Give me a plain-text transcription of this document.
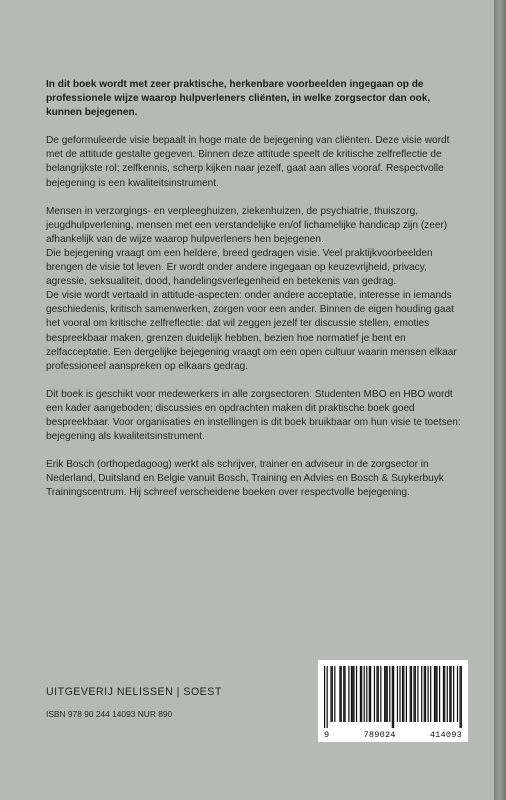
In dit boek wordt met zeer praktische, herkenbare voorbeelden ingegaan op de professionele wijze waarop hulpverleners cliënten, in welke zorgsector dan ook, kunnen bejegenen.

De geformuleerde visie bepaalt in hoge mate de bejegening van cliënten. Deze visie wordt met de attitude gestalte gegeven. Binnen deze attitude speelt de kritische zelfreflectie de belangrijkste rol; zelfkennis, scherp kijken naar jezelf, gaat aan alles vooraf. Respectvolle bejegening is een kwaliteitsinstrument.

Mensen in verzorgings- en verpleeghuizen, ziekenhuizen, de psychiatrie, thuiszorg, jeugdhulpverlening, mensen met een verstandelijke en/of lichamelijke handicap zijn (zeer) afhankelijk van de wijze waarop hulpverleners hen bejegenen.

Die bejegening vraagt om een heldere, breed gedragen visie. Veel praktijkvoorbeelden brengen de visie tot leven. Er wordt onder andere ingegaan op keuzevrijheid, privacy, agressie, seksualiteit, dood, handelingsverlegenheid en betekenis van gedrag.

De visie wordt vertaald in attitude-aspecten: onder andere acceptatie, interesse in iemands geschiedenis, kritisch samenwerken, zorgen voor een ander. Binnen de eigen houding gaat het vooral om kritische zelfreflectie: dat wil zeggen jezelf ter discussie stellen, emoties bespreekbaar maken, grenzen duidelijk hebben, bezien hoe normatief je bent en zelfacceptatie. Een dergelijke bejegening vraagt om een open cultuur waarin mensen elkaar professioneel aanspreken op elkaars gedrag.

Dit boek is geschikt voor medewerkers in alle zorgsectoren. Studenten MBO en HBO wordt een kader aangeboden; discussies en opdrachten maken dit praktische boek goed bespreekbaar. Voor organisaties en instellingen is dit boek bruikbaar om hun visie te toetsen: bejegening als kwaliteitsinstrument.

Erik Bosch (orthopedagoog) werkt als schrijver, trainer en adviseur in de zorgsector in Nederland, Duitsland en Belgie vanuit Bosch, Training en Advies en Bosch & Suykerbuyk Trainingscentrum. Hij schreef verscheidene boeken over respectvolle bejegening.

UITGEVERIJ NELISSEN | SOEST
ISBN 978 90 244 14093 NUR 890
9	789024	414093
